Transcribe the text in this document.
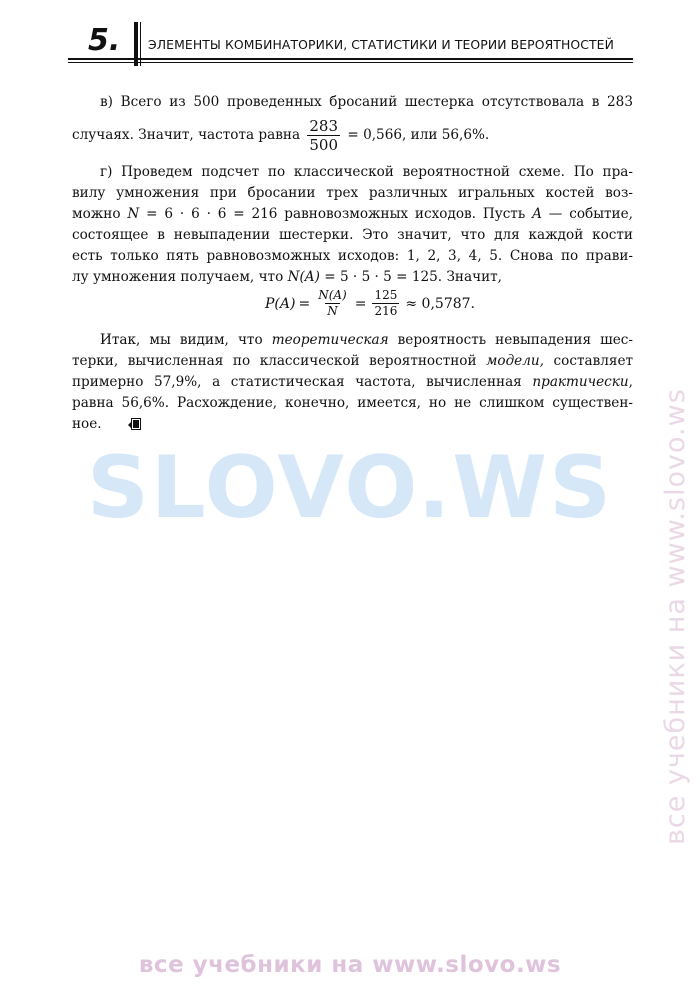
5. ЭЛЕМЕНТЫ КОМБИНАТОРИКИ, СТАТИСТИКИ И ТЕОРИИ ВЕРОЯТНОСТЕЙ
в) Всего из 500 проведенных бросаний шестерка отсутствовала в 283
случаях. Значит, частота равна $\frac{283}{500} = 0,566$, или 56,6%.
г) Проведем подсчет по классической вероятностной схеме. По пра-
вилу умножения при бросании трех различных игральных костей воз-
можно N = 6 · 6 · 6 = 216 равновозможных исходов. Пусть A — событие,
состоящее в невыпадении шестерки. Это значит, что для каждой кости
есть только пять равновозможных исходов: 1, 2, 3, 4, 5. Снова по прави-
лу умножения получаем, что N(A) = 5 · 5 · 5 = 125. Значит,
$P(A) = \frac{N(A)}{N} = \frac{125}{216} \approx 0,5787$.
Итак, мы видим, что теоретическая вероятность невыпадения шес-
терки, вычисленная по классической вероятностной модели, составляет
примерно 57,9%, а статистическая частота, вычисленная практически,
равна 56,6%. Расхождение, конечно, имеется, но не слишком существен-
ное.
SLOVO.WS	все учебники на www.slovo.ws
все учебники на www.slovo.ws
